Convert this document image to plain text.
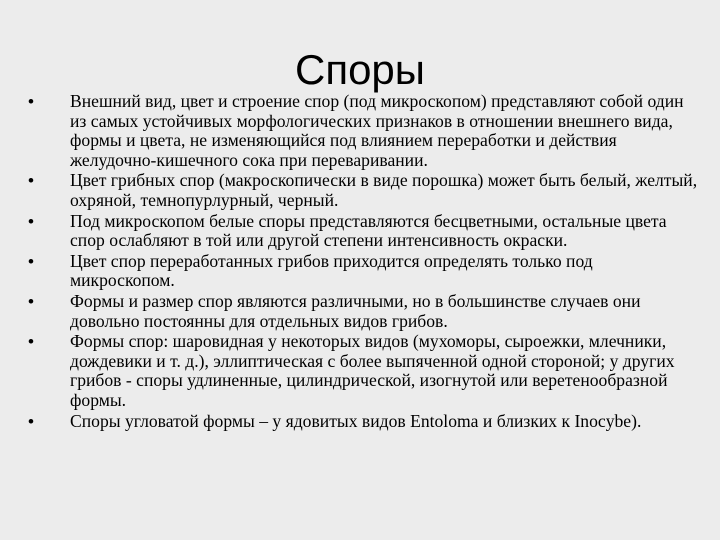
Споры
•	Внешний вид, цвет и строение спор (под микроскопом) представляют собой один из самых устойчивых морфологических признаков в отношении внешнего вида, формы и цвета, не изменяющийся под влиянием переработки и действия желудочно-кишечного сока при переваривании.
•	Цвет грибных спор (макроскопически в виде порошка) может быть белый, желтый, охряной, темнопурлурный, черный.
•	Под микроскопом белые споры представляются бесцветными, остальные цвета спор ослабляют в той или другой степени интенсивность окраски.
•	Цвет спор переработанных грибов приходится определять только под микроскопом.
•	Формы и размер спор являются различными, но в большинстве случаев они довольно постоянны для отдельных видов грибов.
•	Формы спор: шаровидная у некоторых видов (мухоморы, сыроежки, млечники, дождевики и т. д.), эллиптическая с более выпяченной одной стороной; у других грибов - споры удлиненные, цилиндрической, изогнутой или веретенообразной формы.
•	Споры угловатой формы – у ядовитых видов Entoloma и близких к Inocybe).
